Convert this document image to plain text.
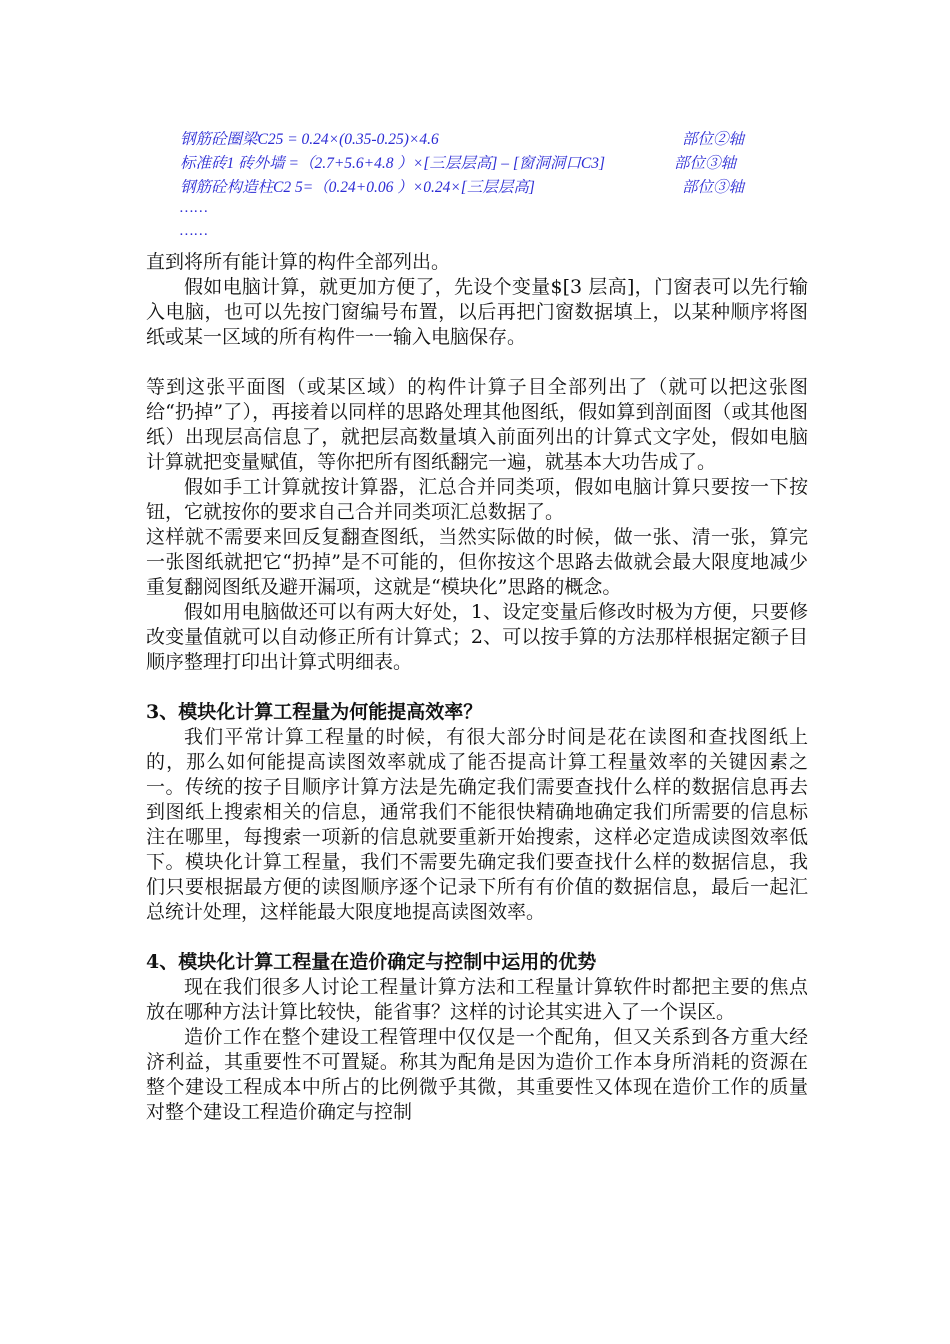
钢筋砼圈梁C25 = 0.24×(0.35-0.25)×4.6	部位②轴
标准砖1 砖外墙 =（2.7+5.6+4.8 ）×[三层层高] – [窗洞洞口C3]	部位③轴
钢筋砼构造柱C2 5=（0.24+0.06 ）×0.24×[三层层高]	部位③轴
……
……

直到将所有能计算的构件全部列出。

假如电脑计算，就更加方便了，先设个变量$[3 层高]，门窗表可以先行输入电脑，也可以先按门窗编号布置，以后再把门窗数据填上，以某种顺序将图纸或某一区域的所有构件一一输入电脑保存。

等到这张平面图（或某区域）的构件计算子目全部列出了（就可以把这张图给“扔掉”了），再接着以同样的思路处理其他图纸，假如算到剖面图（或其他图纸）出现层高信息了，就把层高数量填入前面列出的计算式文字处，假如电脑计算就把变量赋值，等你把所有图纸翻完一遍，就基本大功告成了。

假如手工计算就按计算器，汇总合并同类项，假如电脑计算只要按一下按钮，它就按你的要求自己合并同类项汇总数据了。

这样就不需要来回反复翻查图纸，当然实际做的时候，做一张、清一张，算完一张图纸就把它“扔掉”是不可能的，但你按这个思路去做就会最大限度地减少重复翻阅图纸及避开漏项，这就是“模块化”思路的概念。

假如用电脑做还可以有两大好处，1、设定变量后修改时极为方便，只要修改变量值就可以自动修正所有计算式；2、可以按手算的方法那样根据定额子目顺序整理打印出计算式明细表。

3、模块化计算工程量为何能提高效率？

我们平常计算工程量的时候，有很大部分时间是花在读图和查找图纸上的，那么如何能提高读图效率就成了能否提高计算工程量效率的关键因素之一。传统的按子目顺序计算方法是先确定我们需要查找什么样的数据信息再去到图纸上搜索相关的信息，通常我们不能很快精确地确定我们所需要的信息标注在哪里，每搜索一项新的信息就要重新开始搜索，这样必定造成读图效率低下。模块化计算工程量，我们不需要先确定我们要查找什么样的数据信息，我们只要根据最方便的读图顺序逐个记录下所有有价值的数据信息，最后一起汇总统计处理，这样能最大限度地提高读图效率。

4、模块化计算工程量在造价确定与控制中运用的优势

现在我们很多人讨论工程量计算方法和工程量计算软件时都把主要的焦点放在哪种方法计算比较快，能省事？这样的讨论其实进入了一个误区。

造价工作在整个建设工程管理中仅仅是一个配角，但又关系到各方重大经济利益，其重要性不可置疑。称其为配角是因为造价工作本身所消耗的资源在整个建设工程成本中所占的比例微乎其微，其重要性又体现在造价工作的质量对整个建设工程造价确定与控制
